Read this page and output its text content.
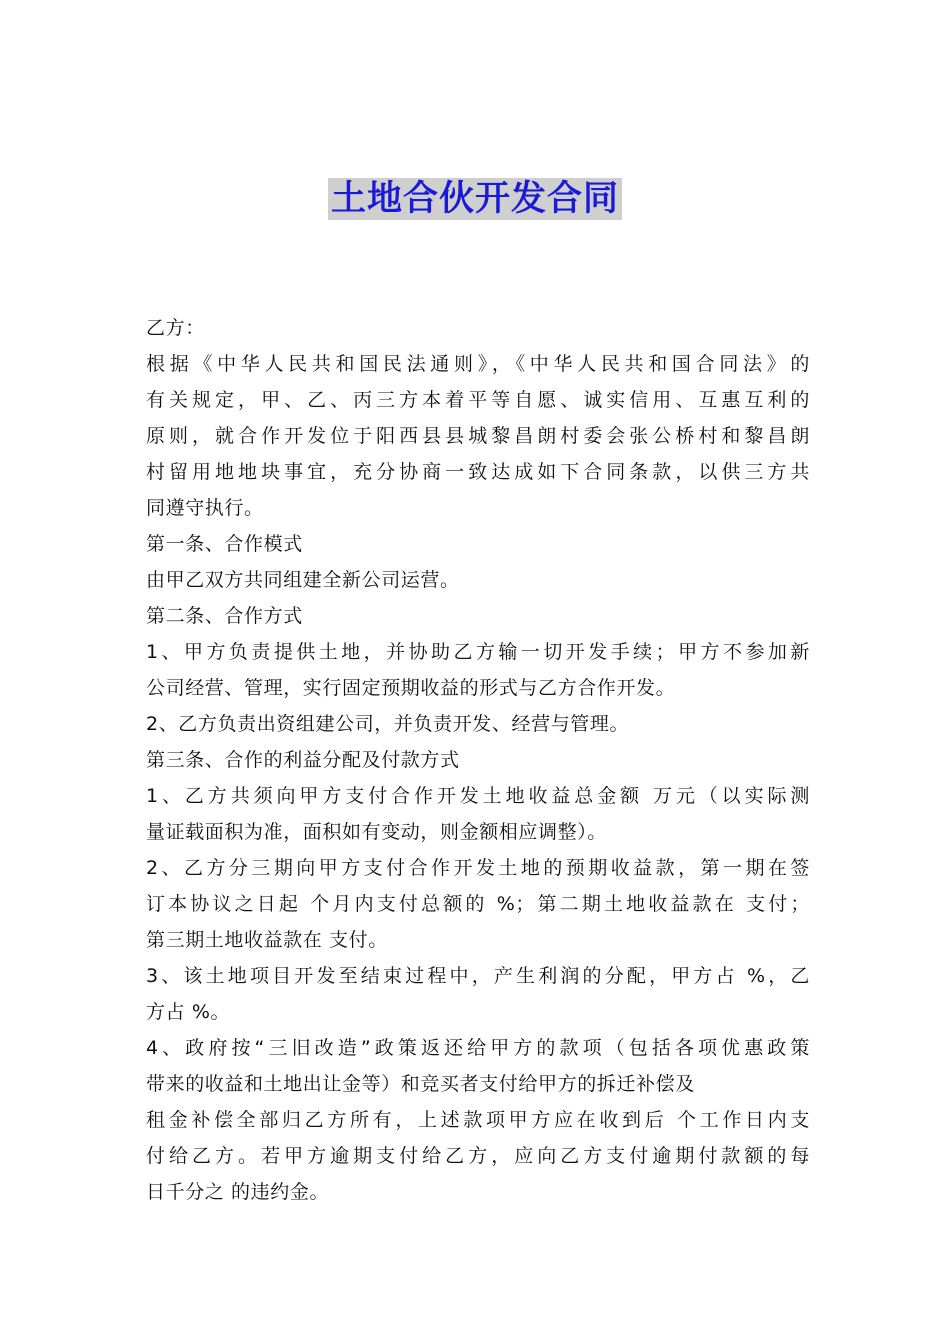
土地合伙开发合同
乙方：
根据《中华人民共和国民法通则》，《中华人民共和国合同法》的
有关规定，甲、乙、丙三方本着平等自愿、诚实信用、互惠互利的
原则，就合作开发位于阳西县县城黎昌朗村委会张公桥村和黎昌朗
村留用地地块事宜，充分协商一致达成如下合同条款，以供三方共
同遵守执行。
第一条、合作模式
由甲乙双方共同组建全新公司运营。
第二条、合作方式
1、甲方负责提供土地，并协助乙方输一切开发手续；甲方不参加新
公司经营、管理，实行固定预期收益的形式与乙方合作开发。
2、乙方负责出资组建公司，并负责开发、经营与管理。
第三条、合作的利益分配及付款方式
1、乙方共须向甲方支付合作开发土地收益总金额 万元（以实际测
量证载面积为准，面积如有变动，则金额相应调整）。
2、乙方分三期向甲方支付合作开发土地的预期收益款，第一期在签
订本协议之日起 个月内支付总额的 %；第二期土地收益款在 支付；
第三期土地收益款在 支付。
3、该土地项目开发至结束过程中，产生利润的分配，甲方占 %，乙
方占 %。
4、政府按“三旧改造”政策返还给甲方的款项（包括各项优惠政策
带来的收益和土地出让金等）和竞买者支付给甲方的拆迁补偿及
租金补偿全部归乙方所有，上述款项甲方应在收到后 个工作日内支
付给乙方。若甲方逾期支付给乙方，应向乙方支付逾期付款额的每
日千分之 的违约金。
